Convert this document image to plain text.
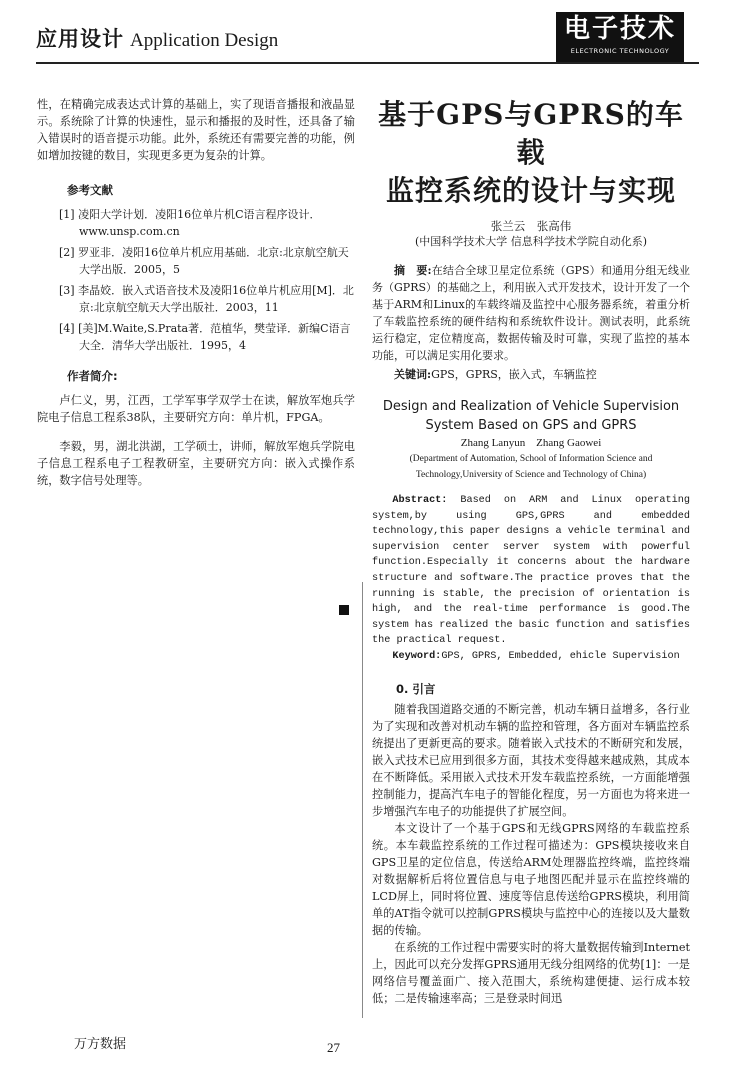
应用设计 Application Design	电子技术
ELECTRONIC TECHNOLOGY

性，在精确完成表达式计算的基础上，实了现语音播报和液晶显示。系统除了计算的快速性，显示和播报的及时性，还具备了输入错误时的语音提示功能。此外，系统还有需要完善的功能，例如增加按键的数目，实现更多更为复杂的计算。

参考文献
[1] 凌阳大学计划．凌阳16位单片机C语言程序设计．www.unsp.com.cn
[2] 罗亚非．凌阳16位单片机应用基础．北京:北京航空航天大学出版．2005，5
[3] 李晶姣．嵌入式语音技术及凌阳16位单片机应用[M]．北京:北京航空航天大学出版社．2003，11
[4] [美]M.Waite,S.Prata著．范植华，樊莹译．新编C语言大全．清华大学出版社．1995，4
作者简介:

卢仁义，男，江西，工学军事学双学士在读，解放军炮兵学院电子信息工程系38队，主要研究方向：单片机，FPGA。

李毅，男，湖北洪湖，工学硕士，讲师，解放军炮兵学院电子信息工程系电子工程教研室，主要研究方向：嵌入式操作系统，数字信号处理等。

基于GPS与GPRS的车载
监控系统的设计与实现
张兰云　张高伟
(中国科学技术大学 信息科学技术学院自动化系)
摘　要:在结合全球卫星定位系统（GPS）和通用分组无线业务（GPRS）的基础之上，利用嵌入式开发技术，设计开发了一个基于ARM和Linux的车载终端及监控中心服务器系统，着重分析了车载监控系统的硬件结构和系统软件设计。测试表明，此系统运行稳定，定位精度高，数据传输及时可靠，实现了监控的基本功能，可以满足实用化要求。
关键词:GPS，GPRS，嵌入式，车辆监控
Design and Realization of Vehicle Supervision
System Based on GPS and GPRS
Zhang Lanyun　Zhang Gaowei
(Department of Automation, School of Information Science and
Technology,University of Science and Technology of China)
Abstract: Based on ARM and Linux operating system,by using GPS,GPRS and embedded technology,this paper designs a vehicle terminal and supervision center server system with powerful function.Especially it concerns about the hardware structure and software.The practice proves that the running is stable, the precision of orientation is high, and the real-time performance is good.The system has realized the basic function and satisfies the practical request.
Keyword:GPS, GPRS, Embedded, ehicle Supervision
0. 引言

随着我国道路交通的不断完善，机动车辆日益增多，各行业为了实现和改善对机动车辆的监控和管理，各方面对车辆监控系统提出了更新更高的要求。随着嵌入式技术的不断研究和发展，嵌入式技术已应用到很多方面，其技术变得越来越成熟，其成本在不断降低。采用嵌入式技术开发车载监控系统，一方面能增强控制能力，提高汽车电子的智能化程度，另一方面也为将来进一步增强汽车电子的功能提供了扩展空间。

本文设计了一个基于GPS和无线GPRS网络的车载监控系统。本车载监控系统的工作过程可描述为：GPS模块接收来自GPS卫星的定位信息，传送给ARM处理器监控终端，监控终端对数据解析后将位置信息与电子地图匹配并显示在监控终端的LCD屏上，同时将位置、速度等信息传送给GPRS模块，利用简单的AT指令就可以控制GPRS模块与监控中心的连接以及大量数据的传输。

在系统的工作过程中需要实时的将大量数据传输到Internet上，因此可以充分发挥GPRS通用无线分组网络的优势[1]：一是网络信号覆盖面广、接入范围大，系统构建便捷、运行成本较低；二是传输速率高；三是登录时间迅

万方数据	27
